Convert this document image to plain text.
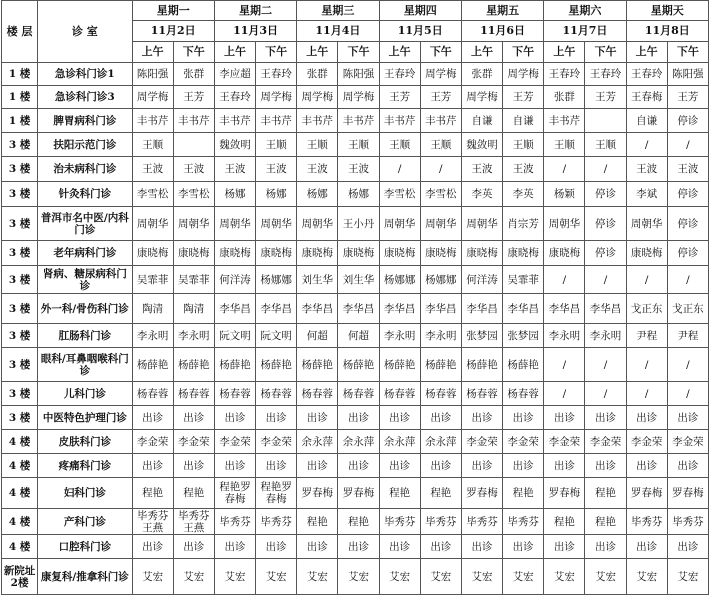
楼 层	诊 室	星期一		星期二		星期三		星期四		星期五		星期六		星期天	
		11月2日		11月3日		11月4日		11月5日		11月6日		11月7日		11月8日	
		上午	下午	上午	下午	上午	下午	上午	下午	上午	下午	上午	下午	上午	下午
1 楼	急诊科门诊1	陈阳强	张群	李应超	王春玲	张群	陈阳强	王春玲	周学梅	张群	周学梅	王春玲	王春玲	王春玲	陈阳强
1 楼	急诊科门诊3	周学梅	王芳	王春玲	周学梅	周学梅	周学梅	王芳	王芳	周学梅	王芳	张群	王芳	王春梅	王芳
1 楼	脾胃病科门诊	丰书芹	丰书芹	丰书芹	丰书芹	丰书芹	丰书芹	丰书芹	丰书芹	自谦	自谦	丰书芹		自谦	停诊
3 楼	扶阳示范门诊	王顺		魏敛明	王顺	王顺	王顺	王顺	王顺	魏敛明	王顺	王顺	王顺	/	/
3 楼	治未病科门诊	王波	王波	王波	王波	王波	王波	/	/	王波	王波	/	/	王波	王波
3 楼	针灸科门诊	李雪松	李雪松	杨娜	杨娜	杨娜	杨娜	李雪松	李雪松	李英	李英	杨颖	停诊	李斌	停诊
3 楼	普洱市名中医/内科门诊	周朝华	周朝华	周朝华	周朝华	周朝华	王小丹	周朝华	周朝华	周朝华	肖宗芳	周朝华	停诊	周朝华	停诊
3 楼	老年病科门诊	康晓梅	康晓梅	康晓梅	康晓梅	康晓梅	康晓梅	康晓梅	康晓梅	康晓梅	康晓梅	康晓梅	停诊	康晓梅	停诊
3 楼	肾病、糖尿病科门诊	吴霏菲	吴霏菲	何洋涛	杨娜娜	刘生华	刘生华	杨娜娜	杨娜娜	何洋涛	吴霏菲	/	/	/	/
3 楼	外一科/骨伤科门诊	陶清	陶清	李华昌	李华昌	李华昌	李华昌	李华昌	李华昌	李华昌	李华昌	李华昌	李华昌	戈正东	戈正东
3 楼	肛肠科门诊	李永明	李永明	阮文明	阮文明	何超	何超	李永明	李永明	张梦园	张梦园	李永明	李永明	尹程	尹程
3 楼	眼科/耳鼻咽喉科门诊	杨薛艳	杨薛艳	杨薛艳	杨薛艳	杨薛艳	杨薛艳	杨薛艳	杨薛艳	杨薛艳	杨薛艳	/	/	/	/
3 楼	儿科门诊	杨春蓉	杨春蓉	杨春蓉	杨春蓉	杨春蓉	杨春蓉	杨春蓉	杨春蓉	杨春蓉	杨春蓉	/	/	/	/
3 楼	中医特色护理门诊	出诊	出诊	出诊	出诊	出诊	出诊	出诊	出诊	出诊	出诊	出诊	出诊	出诊	出诊
4 楼	皮肤科门诊	李金荣	李金荣	李金荣	李金荣	余永萍	余永萍	余永萍	余永萍	李金荣	李金荣	李金荣	李金荣	李金荣	李金荣
4 楼	疼痛科门诊	出诊	出诊	出诊	出诊	出诊	出诊	出诊	出诊	出诊	出诊	出诊	出诊	出诊	出诊
4 楼	妇科门诊	程艳	程艳	程艳罗春梅	程艳罗春梅	罗春梅	罗春梅	程艳	程艳	罗春梅	程艳	罗春梅	程艳	罗春梅	罗春梅
4 楼	产科门诊	毕秀芬王燕	毕秀芬王燕	毕秀芬	毕秀芬	程艳	程艳	毕秀芬	毕秀芬	毕秀芬	毕秀芬	程艳	程艳	毕秀芬	毕秀芬
4 楼	口腔科门诊	出诊	出诊	出诊	出诊	出诊	出诊	出诊	出诊	出诊	出诊	出诊	出诊	出诊	出诊
新院址2楼	康复科/推拿科门诊	艾宏	艾宏	艾宏	艾宏	艾宏	艾宏	艾宏	艾宏	艾宏	艾宏	艾宏	艾宏	艾宏	艾宏
